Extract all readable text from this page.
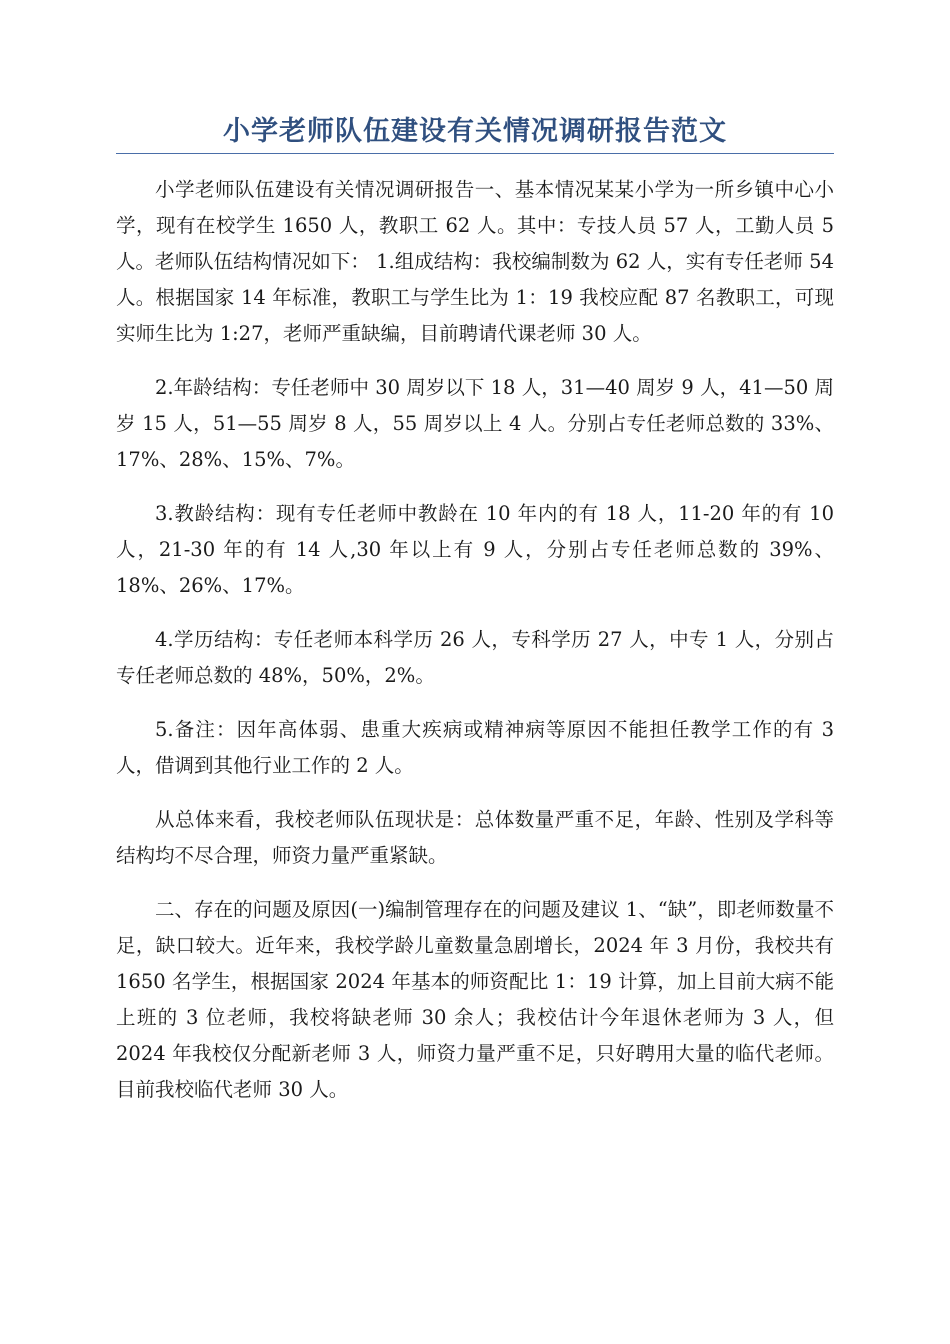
小学老师队伍建设有关情况调研报告范文

小学老师队伍建设有关情况调研报告一、基本情况某某小学为一所乡镇中心小学，现有在校学生 1650 人，教职工 62 人。其中：专技人员 57 人，工勤人员 5 人。老师队伍结构情况如下： 1.组成结构：我校编制数为 62 人，实有专任老师 54 人。根据国家 14 年标准，教职工与学生比为 1：19 我校应配 87 名教职工，可现实师生比为 1:27，老师严重缺编，目前聘请代课老师 30 人。

2.年龄结构：专任老师中 30 周岁以下 18 人，31—40 周岁 9 人，41—50 周岁 15 人，51—55 周岁 8 人，55 周岁以上 4 人。分别占专任老师总数的 33%、17%、28%、15%、7%。

3.教龄结构：现有专任老师中教龄在 10 年内的有 18 人，11-20 年的有 10 人，21-30 年的有 14 人,30 年以上有 9 人，分别占专任老师总数的 39%、18%、26%、17%。

4.学历结构：专任老师本科学历 26 人，专科学历 27 人，中专 1 人，分别占专任老师总数的 48%，50%，2%。

5.备注：因年高体弱、患重大疾病或精神病等原因不能担任教学工作的有 3 人，借调到其他行业工作的 2 人。

从总体来看，我校老师队伍现状是：总体数量严重不足，年龄、性别及学科等结构均不尽合理，师资力量严重紧缺。

二、存在的问题及原因(一)编制管理存在的问题及建议 1、“缺”，即老师数量不足，缺口较大。近年来，我校学龄儿童数量急剧增长，2024 年 3 月份，我校共有 1650 名学生，根据国家 2024 年基本的师资配比 1：19 计算，加上目前大病不能上班的 3 位老师，我校将缺老师 30 余人；我校估计今年退休老师为 3 人，但 2024 年我校仅分配新老师 3 人，师资力量严重不足，只好聘用大量的临代老师。目前我校临代老师 30 人。
